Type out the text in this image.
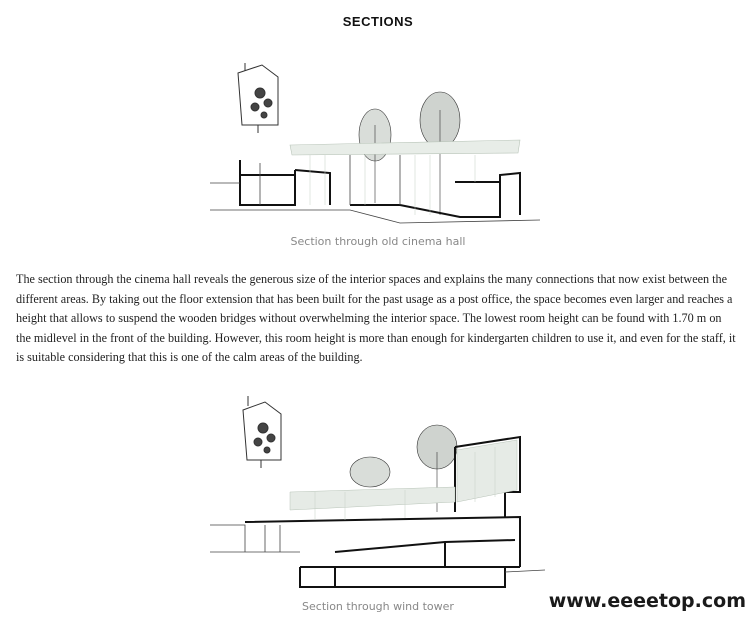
SECTIONS
Section through old cinema hall
The section through the cinema hall reveals the generous size of the interior spaces and explains the many connections that now exist between the different areas. By taking out the floor extension that has been built for the past usage as a post office, the space becomes even larger and reaches a height that allows to suspend the wooden bridges without overwhelming the interior space. The lowest room height can be found with 1.70 m on the midlevel in the front of the building. However, this room height is more than enough for kindergarten children to use it, and even for the staff, it is suitable considering that this is one of the calm areas of the building.
Section through wind tower	www.eeeetop.com
